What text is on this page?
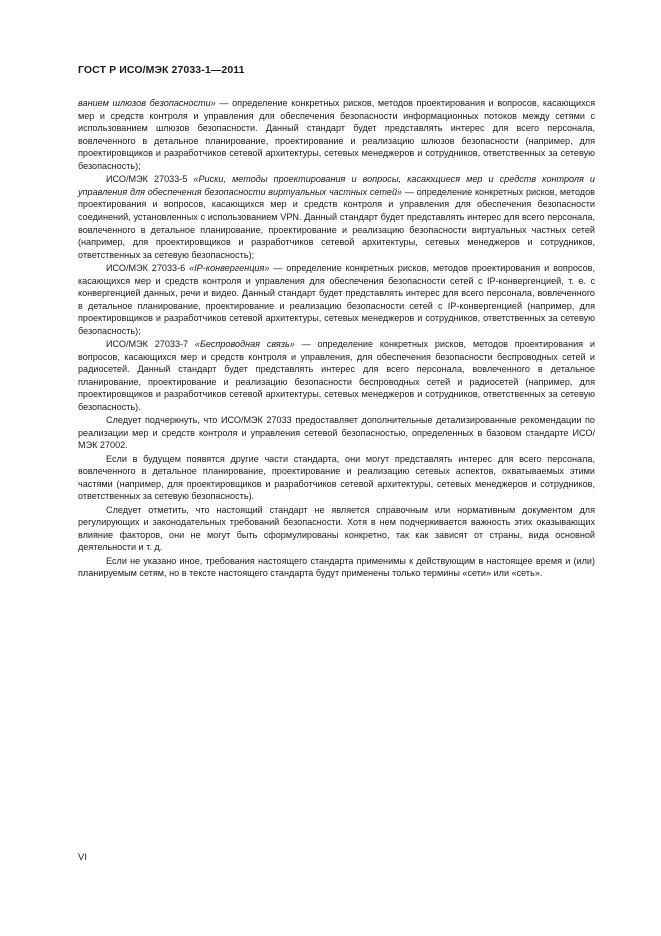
ГОСТ Р ИСО/МЭК 27033-1—2011

ванием шлюзов безопасности» — определение конкретных рисков, методов проектирования и вопросов, касающихся мер и средств контроля и управления для обеспечения безопасности информационных потоков между сетями с использованием шлюзов безопасности. Данный стандарт будет представлять интерес для всего персонала, вовлеченного в детальное планирование, проектирование и реализацию шлюзов безопасности (например, для проектировщиков и разработчиков сетевой архитектуры, сетевых менеджеров и сотрудников, ответственных за сетевую безопасность);

ИСО/МЭК 27033-5 «Риски, методы проектирования и вопросы, касающиеся мер и средств контроля и управления для обеспечения безопасности виртуальных частных сетей» — определение конкретных рисков, методов проектирования и вопросов, касающихся мер и средств контроля и управления для обеспечения безопасности соединений, установленных с использованием VPN. Данный стандарт будет представлять интерес для всего персонала, вовлеченного в детальное планирование, проектирование и реализацию безопасности виртуальных частных сетей (например, для проектировщиков и разработчиков сетевой архитектуры, сетевых менеджеров и сотрудников, ответственных за сетевую безопасность);

ИСО/МЭК 27033-6 «IP-конвергенция» — определение конкретных рисков, методов проектирования и вопросов, касающихся мер и средств контроля и управления для обеспечения безопасности сетей с IP-конвергенцией, т. е. с конвергенцией данных, речи и видео. Данный стандарт будет представлять интерес для всего персонала, вовлеченного в детальное планирование, проектирование и реализацию безопасности сетей с IP-конвергенцией (например, для проектировщиков и разработчиков сетевой архитектуры, сетевых менеджеров и сотрудников, ответственных за сетевую безопасность);

ИСО/МЭК 27033-7 «Беспроводная связь» — определение конкретных рисков, методов проектирования и вопросов, касающихся мер и средств контроля и управления, для обеспечения безопасности беспроводных сетей и радиосетей. Данный стандарт будет представлять интерес для всего персонала, вовлеченного в детальное планирование, проектирование и реализацию безопасности беспроводных сетей и радиосетей (например, для проектировщиков и разработчиков сетевой архитектуры, сетевых менеджеров и сотрудников, ответственных за сетевую безопасность).

Следует подчеркнуть, что ИСО/МЭК 27033 предоставляет дополнительные детализированные рекомендации по реализации мер и средств контроля и управления сетевой безопасностью, определенных в базовом стандарте ИСО/МЭК 27002.

Если в будущем появятся другие части стандарта, они могут представлять интерес для всего персонала, вовлеченного в детальное планирование, проектирование и реализацию сетевых аспектов, охватываемых этими частями (например, для проектировщиков и разработчиков сетевой архитектуры, сетевых менеджеров и сотрудников, ответственных за сетевую безопасность).

Следует отметить, что настоящий стандарт не является справочным или нормативным документом для регулирующих и законодательных требований безопасности. Хотя в нем подчеркивается важность этих оказывающих влияние факторов, они не могут быть сформулированы конкретно, так как зависят от страны, вида основной деятельности и т. д.

Если не указано иное, требования настоящего стандарта применимы к действующим в настоящее время и (или) планируемым сетям, но в тексте настоящего стандарта будут применены только термины «сети» или «сеть».

VI
